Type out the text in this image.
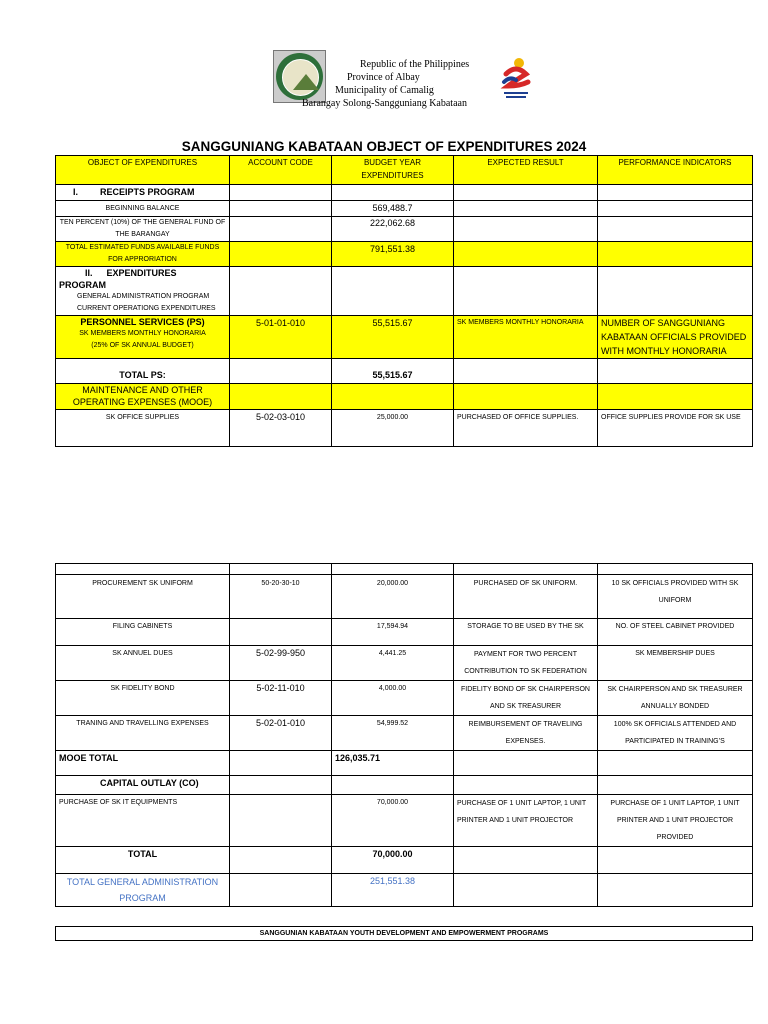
Republic of the Philippines
Province of Albay
Municipality of Camalig
Barangay Solong-Sangguniang Kabataan
SANGGUNIANG KABATAAN OBJECT OF EXPENDITURES 2024
OBJECT OF EXPENDITURES	ACCOUNT CODE	BUDGET YEAR EXPENDITURES	EXPECTED RESULT	PERFORMANCE INDICATORS
I. RECEIPTS PROGRAM				
BEGINNING BALANCE		569,488.7		
TEN PERCENT (10%) OF THE GENERAL FUND OF THE BARANGAY		222,062.68		
TOTAL ESTIMATED FUNDS AVAILABLE FUNDS FOR APPRORIATION		791,551.38		

II. EXPENDITURES PROGRAM
GENERAL ADMINISTRATION PROGRAM
CURRENT OPERATIONG EXPENDITURES				

PERSONNEL SERVICES (PS)
SK MEMBERS MONTHLY HONORARIA
(25% OF SK ANNUAL BUDGET)	5-01-01-010	55,515.67	SK MEMBERS MONTHLY HONORARIA	NUMBER OF SANGGUNIANG KABATAAN OFFICIALS PROVIDED WITH MONTHLY HONORARIA
TOTAL PS:		55,515.67		
MAINTENANCE AND OTHER OPERATING EXPENSES (MOOE)				
SK OFFICE SUPPLIES	5-02-03-010	25,000.00	PURCHASED OF OFFICE SUPPLIES.	OFFICE SUPPLIES PROVIDE FOR SK USE

PROCUREMENT SK UNIFORM	50-20-30-10	20,000.00	PURCHASED OF SK UNIFORM.	10 SK OFFICIALS PROVIDED WITH SK UNIFORM
FILING CABINETS		17,594.94	STORAGE TO BE USED BY THE SK	NO. OF STEEL CABINET PROVIDED
SK ANNUEL DUES	5-02-99-950	4,441.25	PAYMENT FOR TWO PERCENT CONTRIBUTION TO SK FEDERATION	SK MEMBERSHIP DUES
SK FIDELITY BOND	5-02-11-010	4,000.00	FIDELITY BOND OF SK CHAIRPERSON AND SK TREASURER	SK CHAIRPERSON AND SK TREASURER ANNUALLY BONDED
TRANING AND TRAVELLING EXPENSES	5-02-01-010	54,999.52	REIMBURSEMENT OF TRAVELING EXPENSES.	100% SK OFFICIALS ATTENDED AND PARTICIPATED IN TRAINING’S
MOOE TOTAL		126,035.71		
CAPITAL OUTLAY (CO)				
PURCHASE OF SK IT EQUIPMENTS		70,000.00	PURCHASE OF 1 UNIT LAPTOP, 1 UNIT PRINTER AND 1 UNIT PROJECTOR	PURCHASE OF 1 UNIT LAPTOP, 1 UNIT PRINTER AND 1 UNIT PROJECTOR PROVIDED
TOTAL		70,000.00		
TOTAL GENERAL ADMINISTRATION PROGRAM		251,551.38		
SANGGUNIAN KABATAAN YOUTH DEVELOPMENT AND EMPOWERMENT PROGRAMS
